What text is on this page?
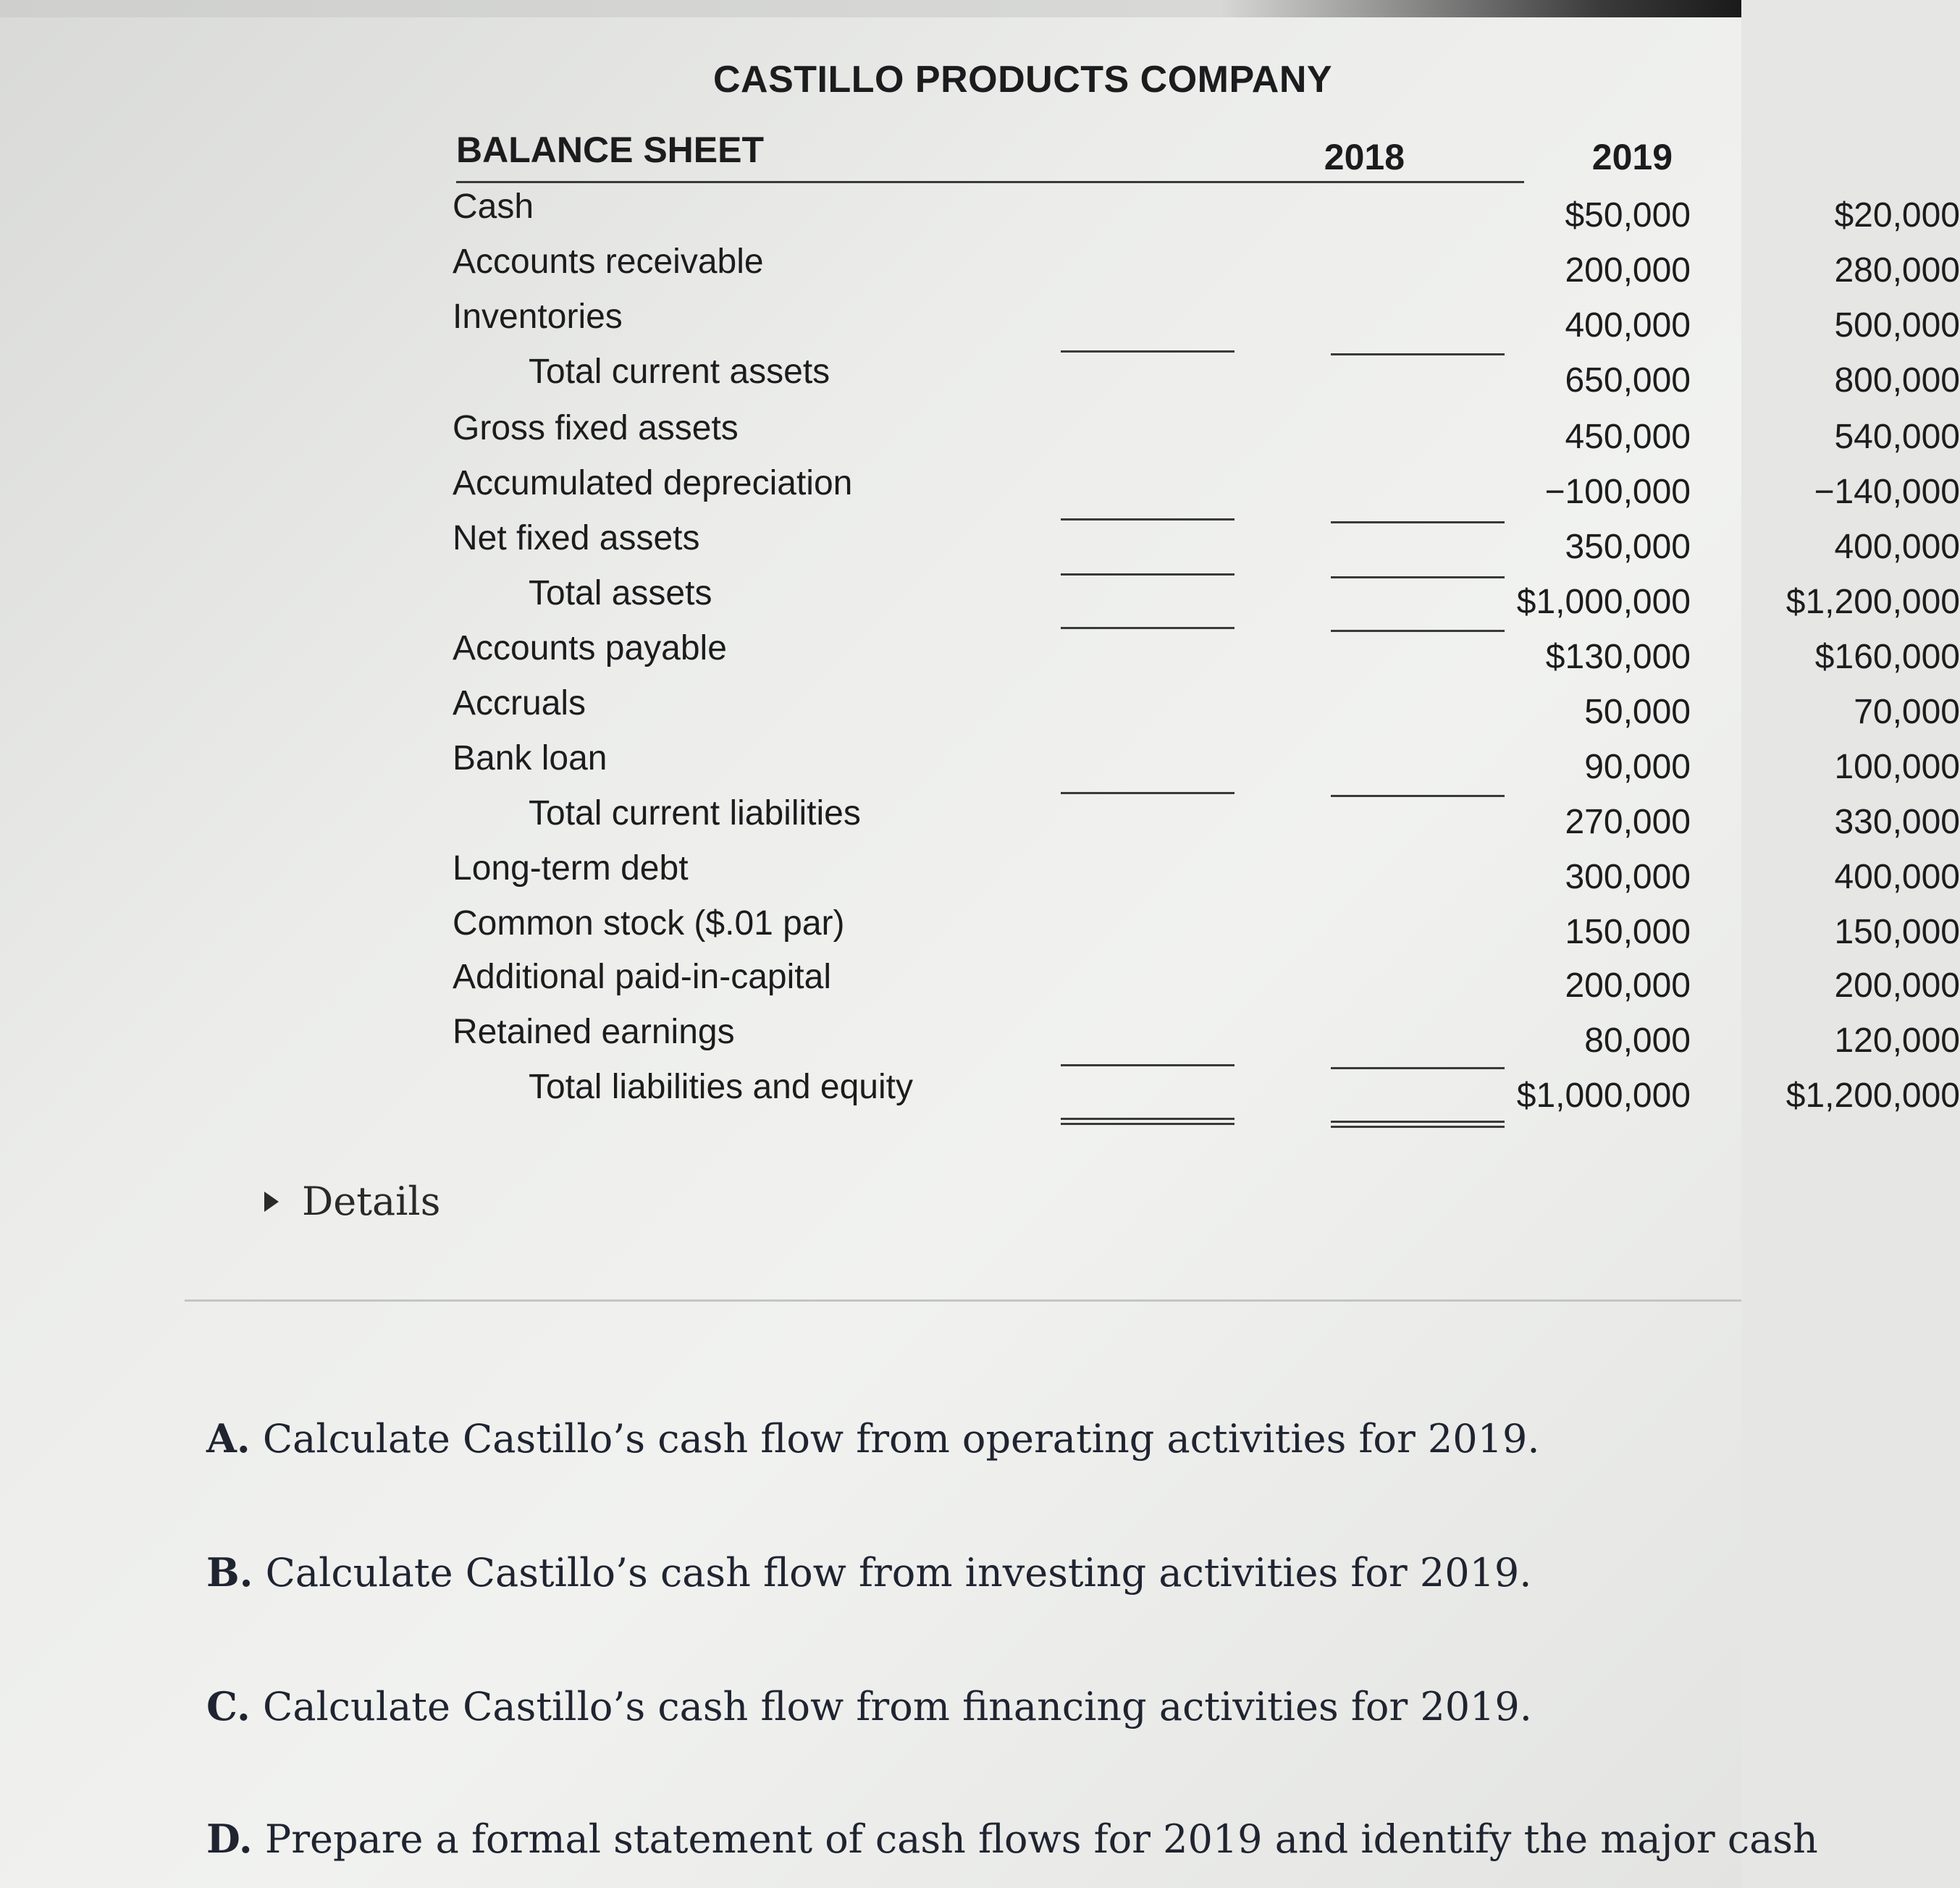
CASTILLO PRODUCTS COMPANY
BALANCE SHEET	2018	2019
Cash	$50,000	$20,000
Accounts receivable	200,000	280,000
Inventories	400,000	500,000
Total current assets	650,000	800,000
Gross fixed assets	450,000	540,000
Accumulated depreciation	−100,000	−140,000
Net fixed assets	350,000	400,000
Total assets	$1,000,000	$1,200,000
Accounts payable	$130,000	$160,000
Accruals	50,000	70,000
Bank loan	90,000	100,000
Total current liabilities	270,000	330,000
Long-term debt	300,000	400,000
Common stock ($.01 par)	150,000	150,000
Additional paid-in-capital	200,000	200,000
Retained earnings	80,000	120,000
Total liabilities and equity	$1,000,000	$1,200,000
Details
A. Calculate Castillo’s cash flow from operating activities for 2019.
B. Calculate Castillo’s cash flow from investing activities for 2019.
C. Calculate Castillo’s cash flow from financing activities for 2019.
D. Prepare a formal statement of cash flows for 2019 and identify the major cash
